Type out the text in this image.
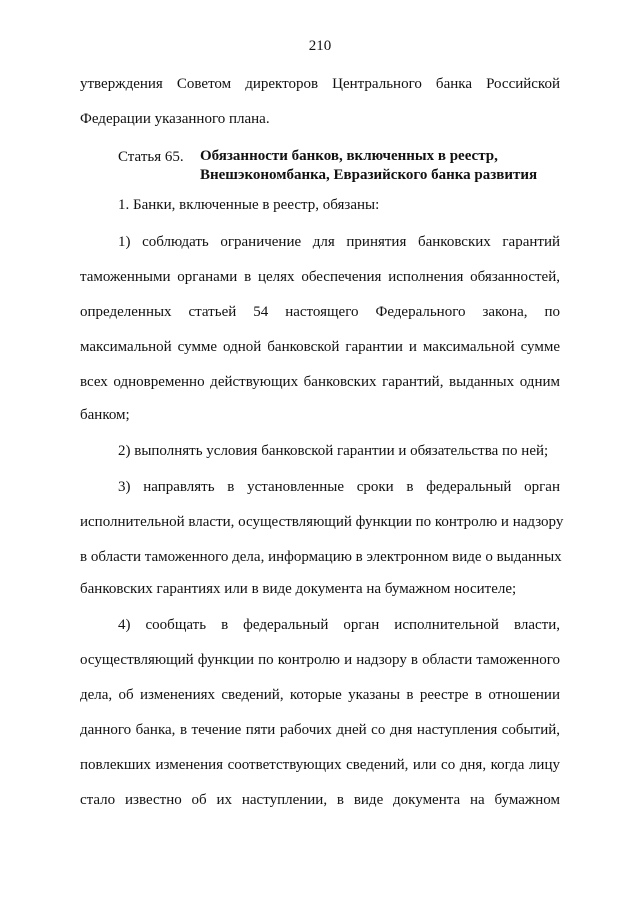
210
утверждения Советом директоров Центрального банка Российской
Федерации указанного плана.
Статья 65. Обязанности банков, включенных в реестр,
Внешэкономбанка, Евразийского банка развития
1. Банки, включенные в реестр, обязаны:
1) соблюдать ограничение для принятия банковских гарантий
таможенными органами в целях обеспечения исполнения обязанностей,
определенных статьей 54 настоящего Федерального закона, по
максимальной сумме одной банковской гарантии и максимальной сумме
всех одновременно действующих банковских гарантий, выданных одним
банком;
2) выполнять условия банковской гарантии и обязательства по ней;
3) направлять в установленные сроки в федеральный орган
исполнительной власти, осуществляющий функции по контролю и надзору
в области таможенного дела, информацию в электронном виде о выданных
банковских гарантиях или в виде документа на бумажном носителе;
4) сообщать в федеральный орган исполнительной власти,
осуществляющий функции по контролю и надзору в области таможенного
дела, об изменениях сведений, которые указаны в реестре в отношении
данного банка, в течение пяти рабочих дней со дня наступления событий,
повлекших изменения соответствующих сведений, или со дня, когда лицу
стало известно об их наступлении, в виде документа на бумажном
